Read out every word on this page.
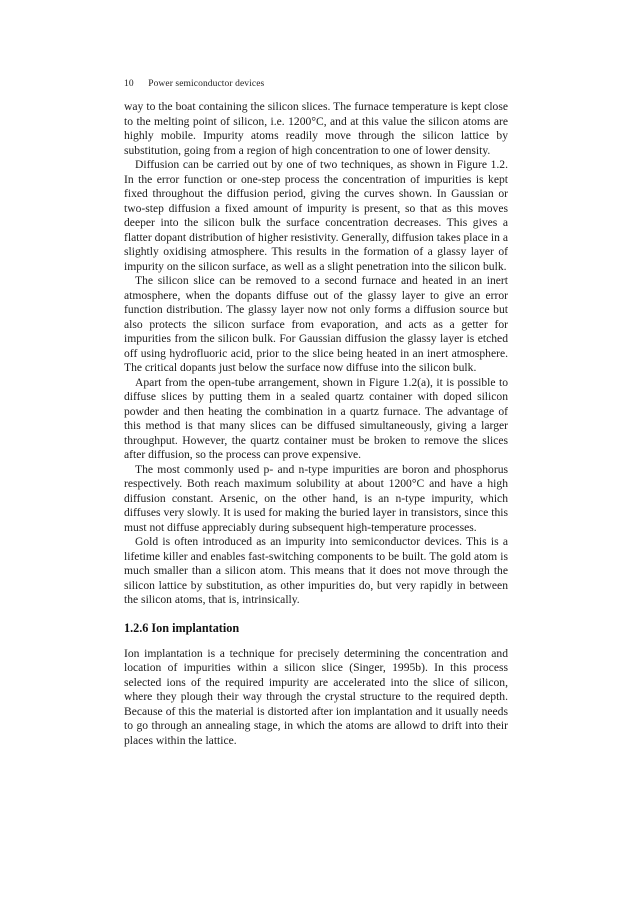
10 Power semiconductor devices

way to the boat containing the silicon slices. The furnace temperature is kept close to the melting point of silicon, i.e. 1200°C, and at this value the silicon atoms are highly mobile. Impurity atoms readily move through the silicon lattice by substitution, going from a region of high concentration to one of lower density.

Diffusion can be carried out by one of two techniques, as shown in Figure 1.2. In the error function or one-step process the concentration of impurities is kept fixed throughout the diffusion period, giving the curves shown. In Gaussian or two-step diffusion a fixed amount of impurity is present, so that as this moves deeper into the silicon bulk the surface concentration decreases. This gives a flatter dopant distribution of higher resistivity. Generally, diffusion takes place in a slightly oxidising atmosphere. This results in the formation of a glassy layer of impurity on the silicon surface, as well as a slight penetration into the silicon bulk.

The silicon slice can be removed to a second furnace and heated in an inert atmosphere, when the dopants diffuse out of the glassy layer to give an error function distribution. The glassy layer now not only forms a diffusion source but also protects the silicon surface from evaporation, and acts as a getter for impurities from the silicon bulk. For Gaussian diffusion the glassy layer is etched off using hydrofluoric acid, prior to the slice being heated in an inert atmosphere. The critical dopants just below the surface now diffuse into the silicon bulk.

Apart from the open-tube arrangement, shown in Figure 1.2(a), it is possible to diffuse slices by putting them in a sealed quartz container with doped silicon powder and then heating the combination in a quartz furnace. The advantage of this method is that many slices can be diffused simultaneously, giving a larger throughput. However, the quartz container must be broken to remove the slices after diffusion, so the process can prove expensive.

The most commonly used p- and n-type impurities are boron and phosphorus respectively. Both reach maximum solubility at about 1200°C and have a high diffusion constant. Arsenic, on the other hand, is an n-type impurity, which diffuses very slowly. It is used for making the buried layer in transistors, since this must not diffuse appreciably during subsequent high-temperature processes.

Gold is often introduced as an impurity into semiconductor devices. This is a lifetime killer and enables fast-switching components to be built. The gold atom is much smaller than a silicon atom. This means that it does not move through the silicon lattice by substitution, as other impurities do, but very rapidly in between the silicon atoms, that is, intrinsically.

1.2.6 Ion implantation

Ion implantation is a technique for precisely determining the concentration and location of impurities within a silicon slice (Singer, 1995b). In this process selected ions of the required impurity are accelerated into the slice of silicon, where they plough their way through the crystal structure to the required depth. Because of this the material is distorted after ion implantation and it usually needs to go through an annealing stage, in which the atoms are allowd to drift into their places within the lattice.
